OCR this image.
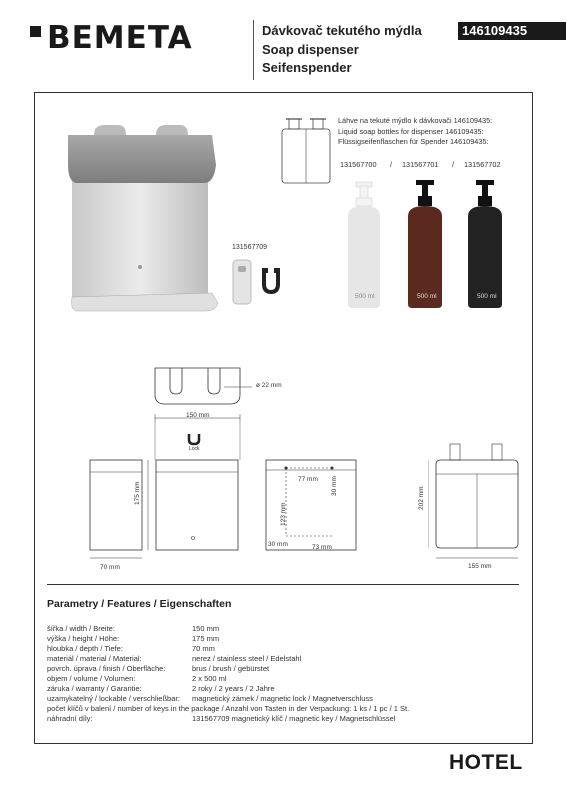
BEMETA	Dávkovač tekutého mýdla
Soap dispenser
Seifenspender
146109435
131567709
Láhve na tekuté mýdlo k dávkovači 146109435:
Liquid soap bottles for dispenser 146109435:
Flüssigseifenflaschen für Spender 146109435:
131567700 / 131567701 / 131567702
500 ml	500 ml	500 ml
ø 22 mm
150 mm
Lock
70 mm
175 mm
77 mm 30 mm
123 mm
30 mm	73 mm
202 mm
155 mm
Parametry / Features / Eigenschaften
šířka / width / Breite:	150 mm
výška / height / Höhe:	175 mm
hloubka / depth / Tiefe:	70 mm
materiál / material / Material:	nerez / stainless steel / Edelstahl
povrch. úprava / finish / Oberfläche:	brus / brush / gebürstet
objem / volume / Volumen:	2 x 500 ml
záruka / warranty / Garantie:	2 roky / 2 years / 2 Jahre
uzamykatelný / lockable / verschließbar: magnetický zámek / magnetic lock / Magnetverschluss
počet klíčů v balení / number of keys in the package / Anzahl von Tasten in der Verpackung: 1 ks / 1 pc / 1 St.
náhradní díly:	131567709 magnetický klíč / magnetic key / Magnetschlüssel
HOTEL
